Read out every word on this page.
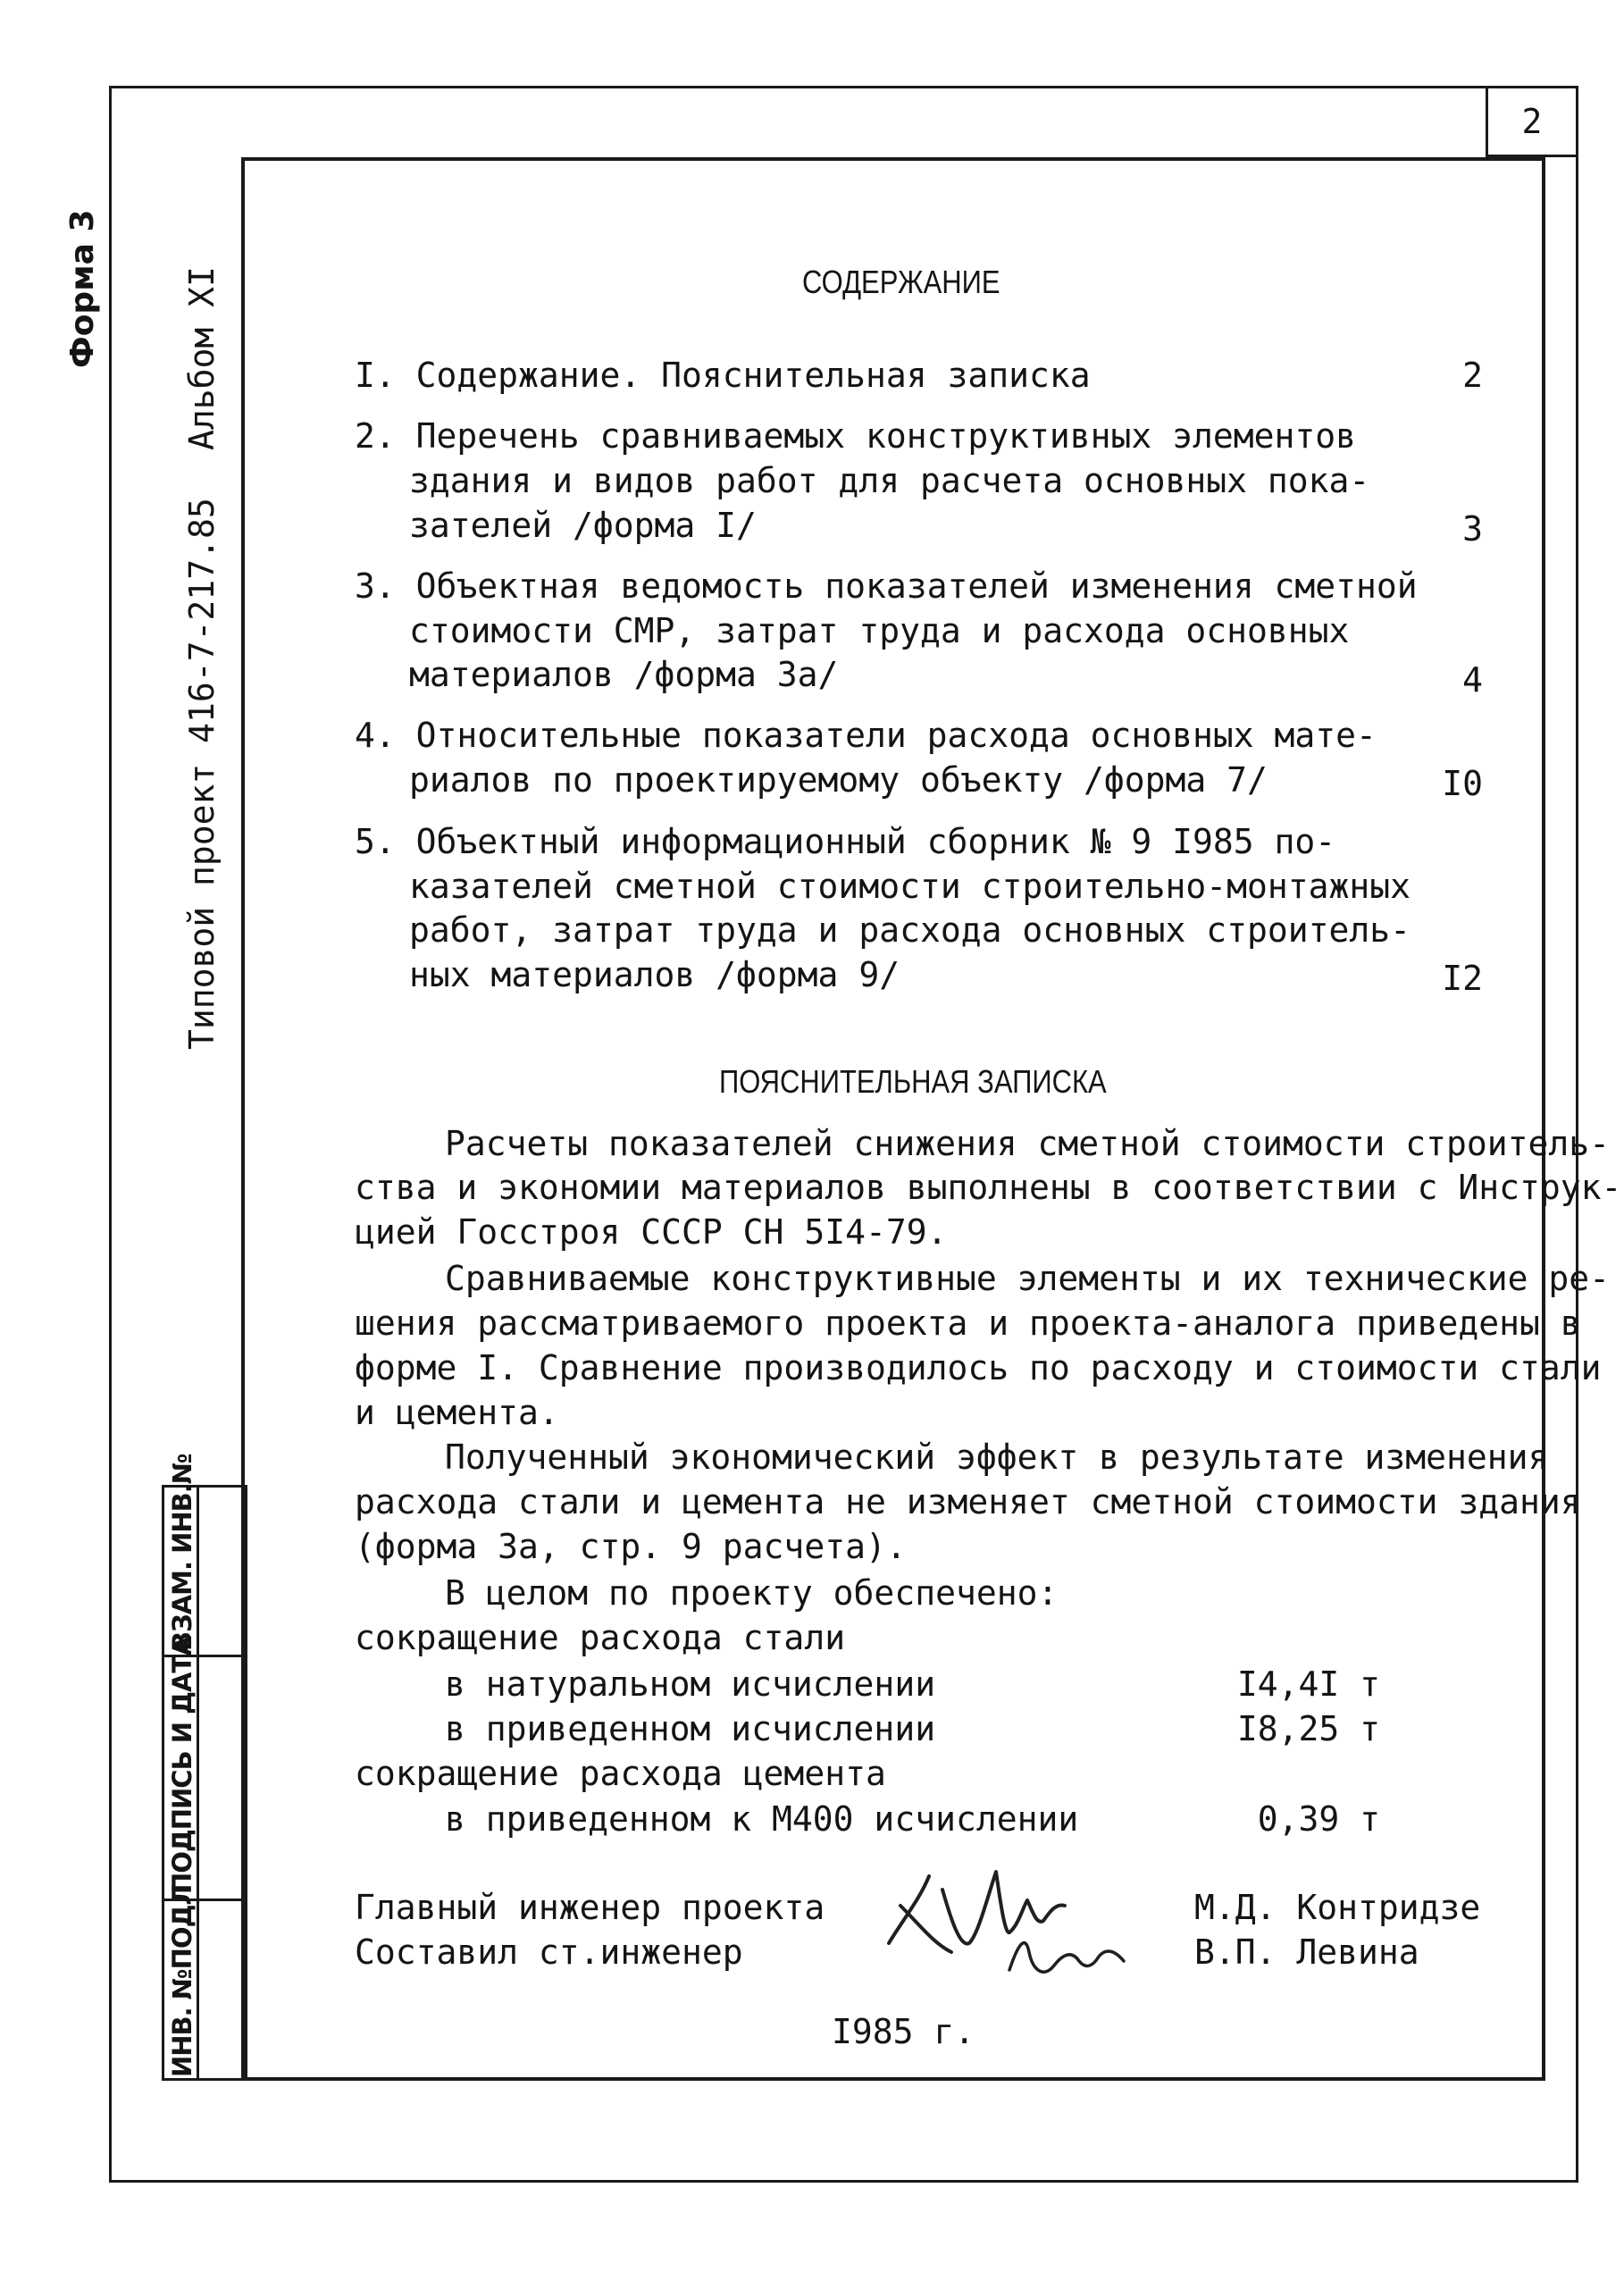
2
Форма 3
Типовой проект 416-7-217.85
Альбом XI
ИНВ. №ПОДЛ
ПОДПИСЬ И ДАТА
ВЗАМ. ИНВ.№
СОДЕРЖАНИЕ
I. Содержание. Пояснительная записка	2
2. Перечень сравниваемых конструктивных элементов
здания и видов работ для расчета основных пока-
зателей /форма I/	3
3. Объектная ведомость показателей изменения сметной
стоимости СМР, затрат труда и расхода основных
материалов /форма 3а/	4
4. Относительные показатели расхода основных мате-
риалов по проектируемому объекту /форма 7/	I0
5. Объектный информационный сборник № 9 I985 по-
казателей сметной стоимости строительно-монтажных
работ, затрат труда и расхода основных строитель-
ных материалов /форма 9/	I2
ПОЯСНИТЕЛЬНАЯ ЗАПИСКА
Расчеты показателей снижения сметной стоимости строитель-
ства и экономии материалов выполнены в соответствии с Инструк-
цией Госстроя СССР СН 5I4-79.
Сравниваемые конструктивные элементы и их технические ре-
шения рассматриваемого проекта и проекта-аналога приведены в
форме I. Сравнение производилось по расходу и стоимости стали
и цемента.
Полученный экономический эффект в результате изменения
расхода стали и цемента не изменяет сметной стоимости здания
(форма 3а, стр. 9 расчета).
В целом по проекту обеспечено:
сокращение расхода стали
в натуральном исчислении	I4,4I т
в приведенном исчислении	I8,25 т
сокращение расхода цемента
в приведенном к М400 исчислении	0,39 т
Главный инженер проекта	М.Д. Контридзе
Составил ст.инженер	В.П. Левина
I985 г.
